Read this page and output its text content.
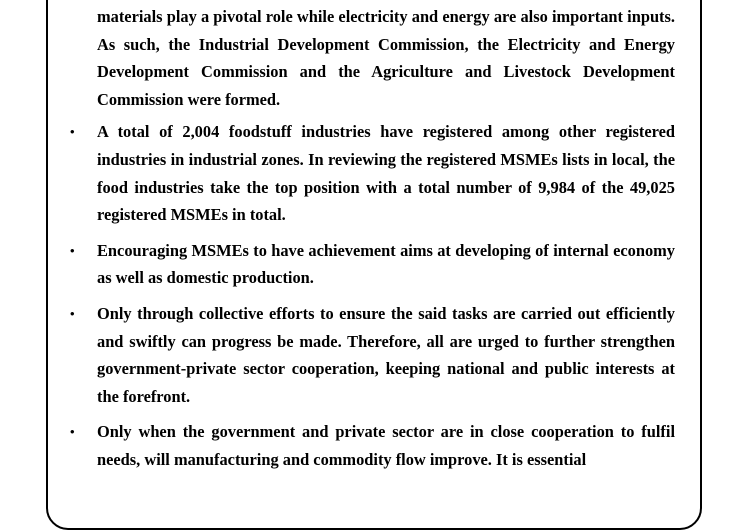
materials play a pivotal role while electricity and energy are also important inputs. As such, the Industrial Development Commission, the Electricity and Energy Development Commission and the Agriculture and Livestock Development Commission were formed.

• A total of 2,004 foodstuff industries have registered among other registered industries in industrial zones. In reviewing the registered MSMEs lists in local, the food industries take the top position with a total number of 9,984 of the 49,025 registered MSMEs in total.
• Encouraging MSMEs to have achievement aims at developing of internal economy as well as domestic production.
• Only through collective efforts to ensure the said tasks are carried out efficiently and swiftly can progress be made. Therefore, all are urged to further strengthen government-private sector cooperation, keeping national and public interests at the forefront.
• Only when the government and private sector are in close cooperation to fulfil needs, will manufacturing and commodity flow improve. It is essential
